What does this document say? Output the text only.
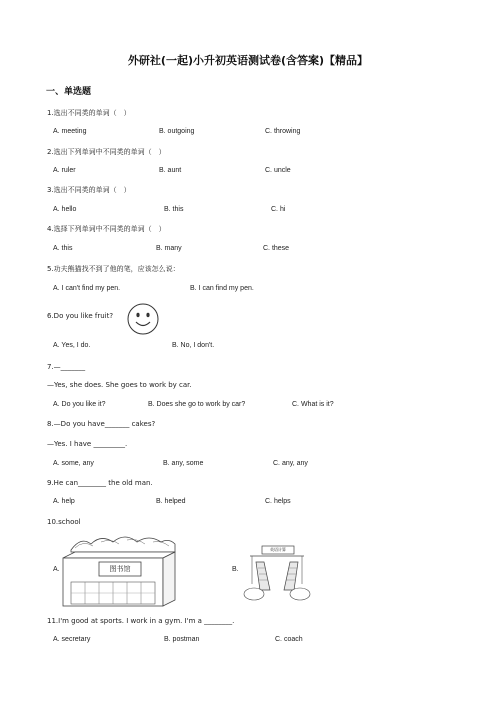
外研社(一起)小升初英语测试卷(含答案)【精品】
一、单选题
1.选出不同类的单词（　）
A. meeting	B. outgoing	C. throwing
2.选出下列单词中不同类的单词（　）
A. ruler	B. aunt	C. uncle
3.选出不同类的单词（　）
A. hello	B. this	C. hi
4.选择下列单词中不同类的单词（　）
A. this	B. many	C. these
5.功夫熊猫找不到了他的笔，应该怎么说：
A. I can't find my pen.	B. I can find my pen.
6.Do you like fruit?
A. Yes, I do.	B. No, I don't.
7.—_______
—Yes, she does. She goes to work by car.
A. Do you like it?	B. Does she go to work by car?	C. What is it?
8.—Do you have_______ cakes?
—Yes. I have _________.
A. some, any	B. any, some	C. any, any
9.He can________ the old man.
A. help	B. helped	C. helps
10.school
A.	图书馆	B.
英语计算
11.I'm good at sports. I work in a gym. I'm a ________.
A. secretary	B. postman	C. coach
